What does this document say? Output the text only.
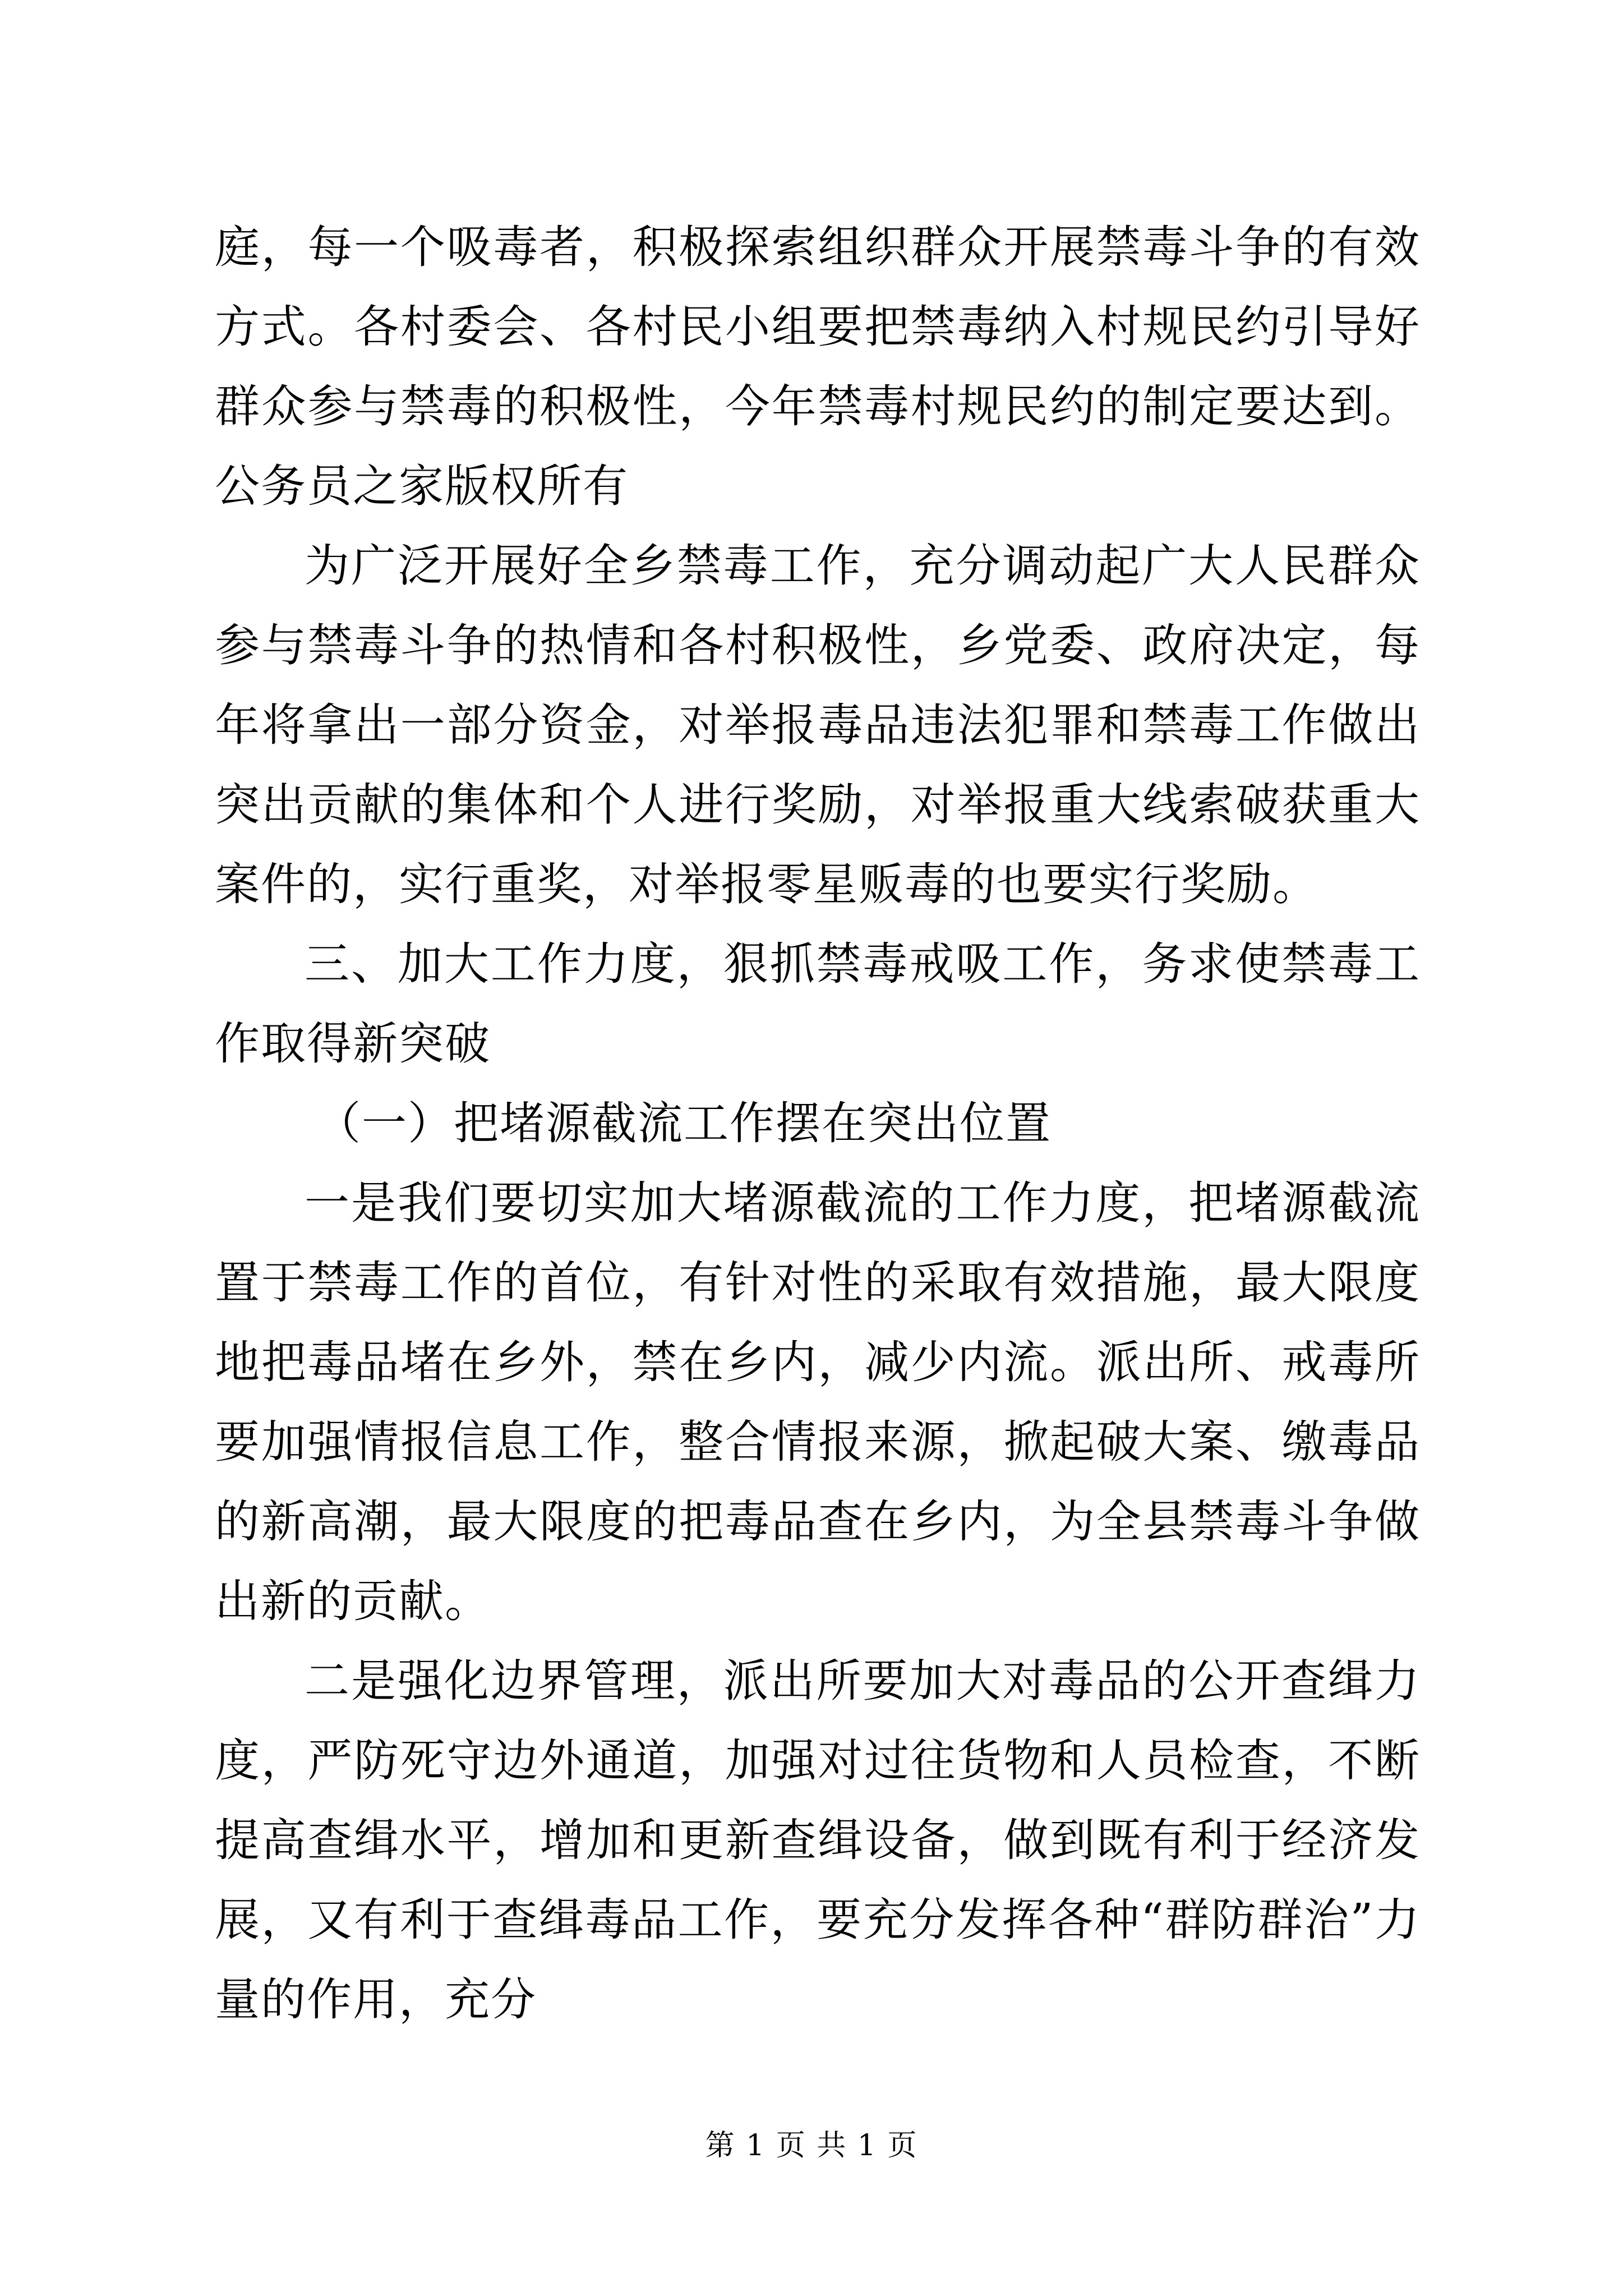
庭，每一个吸毒者，积极探索组织群众开展禁毒斗争的有效方式。各村委会、各村民小组要把禁毒纳入村规民约引导好群众参与禁毒的积极性，今年禁毒村规民约的制定要达到。公务员之家版权所有

为广泛开展好全乡禁毒工作，充分调动起广大人民群众参与禁毒斗争的热情和各村积极性，乡党委、政府决定，每年将拿出一部分资金，对举报毒品违法犯罪和禁毒工作做出突出贡献的集体和个人进行奖励，对举报重大线索破获重大案件的，实行重奖，对举报零星贩毒的也要实行奖励。

三、加大工作力度，狠抓禁毒戒吸工作，务求使禁毒工作取得新突破

（一）把堵源截流工作摆在突出位置

一是我们要切实加大堵源截流的工作力度，把堵源截流置于禁毒工作的首位，有针对性的采取有效措施，最大限度地把毒品堵在乡外，禁在乡内，减少内流。派出所、戒毒所要加强情报信息工作，整合情报来源，掀起破大案、缴毒品的新高潮，最大限度的把毒品查在乡内，为全县禁毒斗争做出新的贡献。

二是强化边界管理，派出所要加大对毒品的公开查缉力度，严防死守边外通道，加强对过往货物和人员检查，不断提高查缉水平，增加和更新查缉设备，做到既有利于经济发展，又有利于查缉毒品工作，要充分发挥各种“群防群治”力量的作用，充分

第 1 页 共 1 页
